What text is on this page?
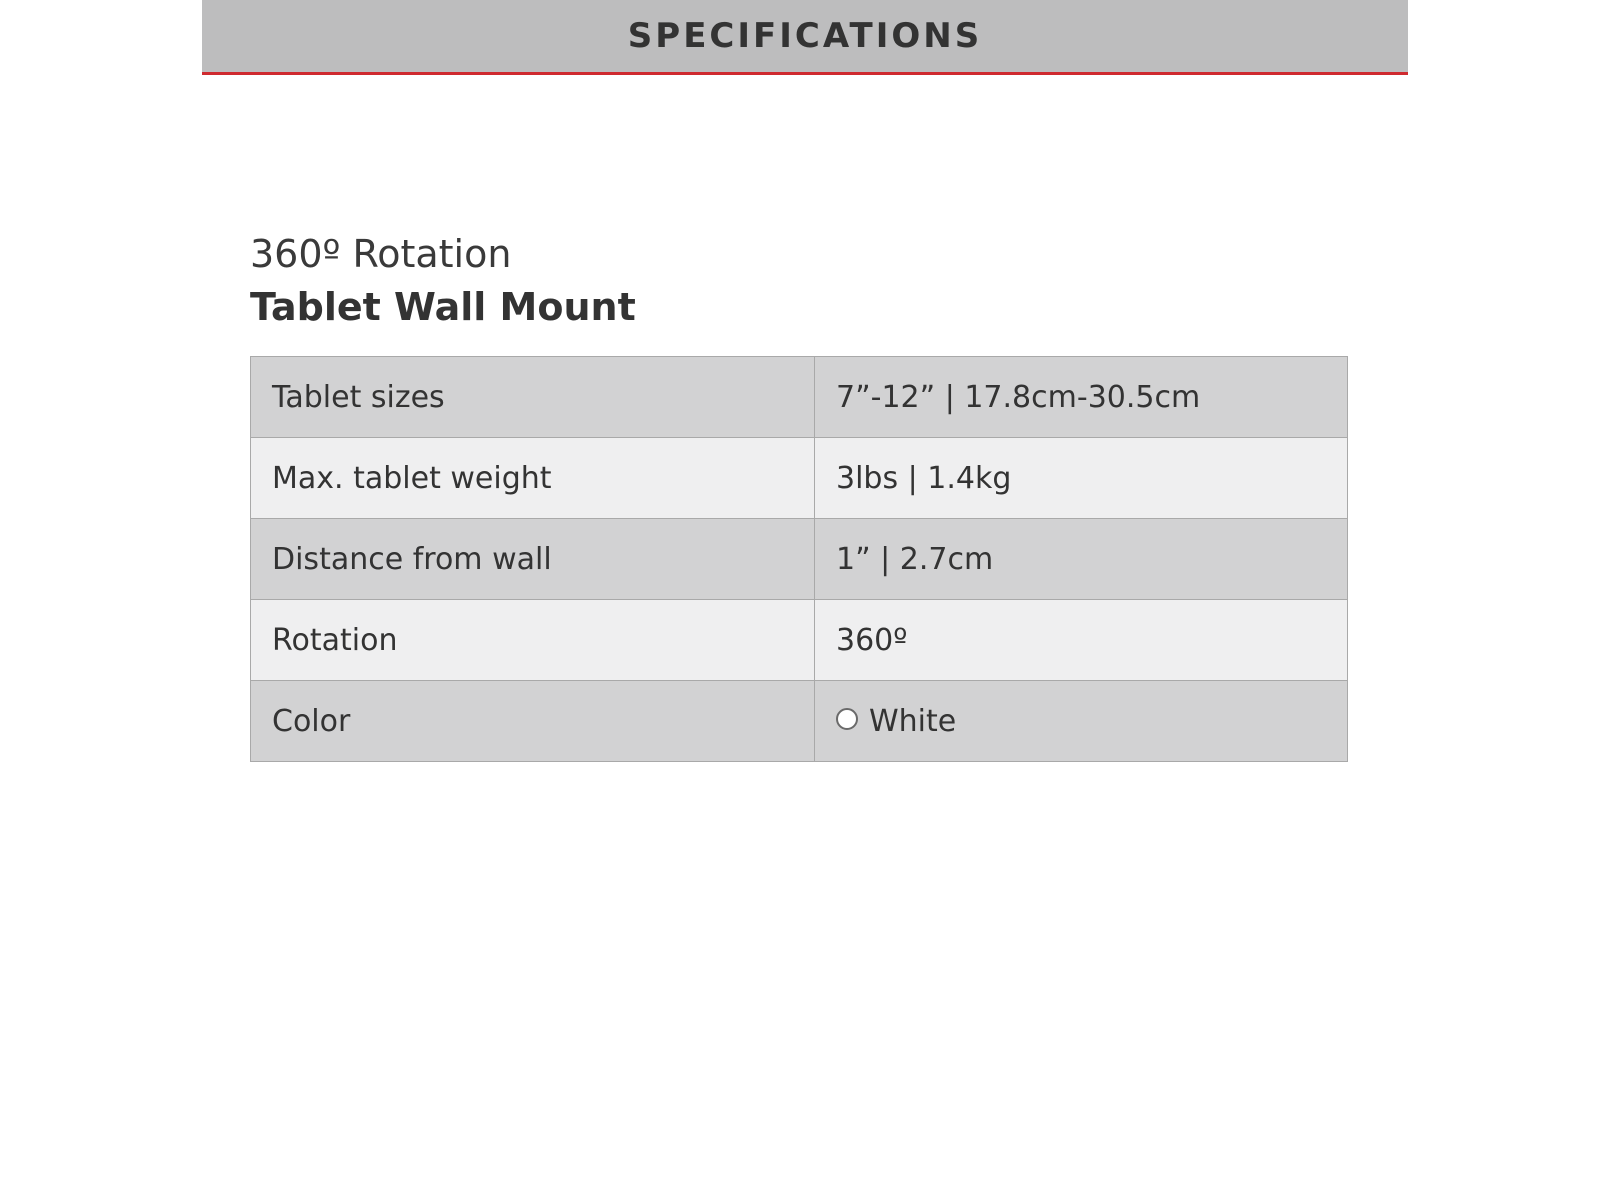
SPECIFICATIONS
360º Rotation
Tablet Wall Mount
Tablet sizes	7”-12” | 17.8cm-30.5cm
Max. tablet weight	3lbs | 1.4kg
Distance from wall	1” | 2.7cm
Rotation	360º
Color	White
